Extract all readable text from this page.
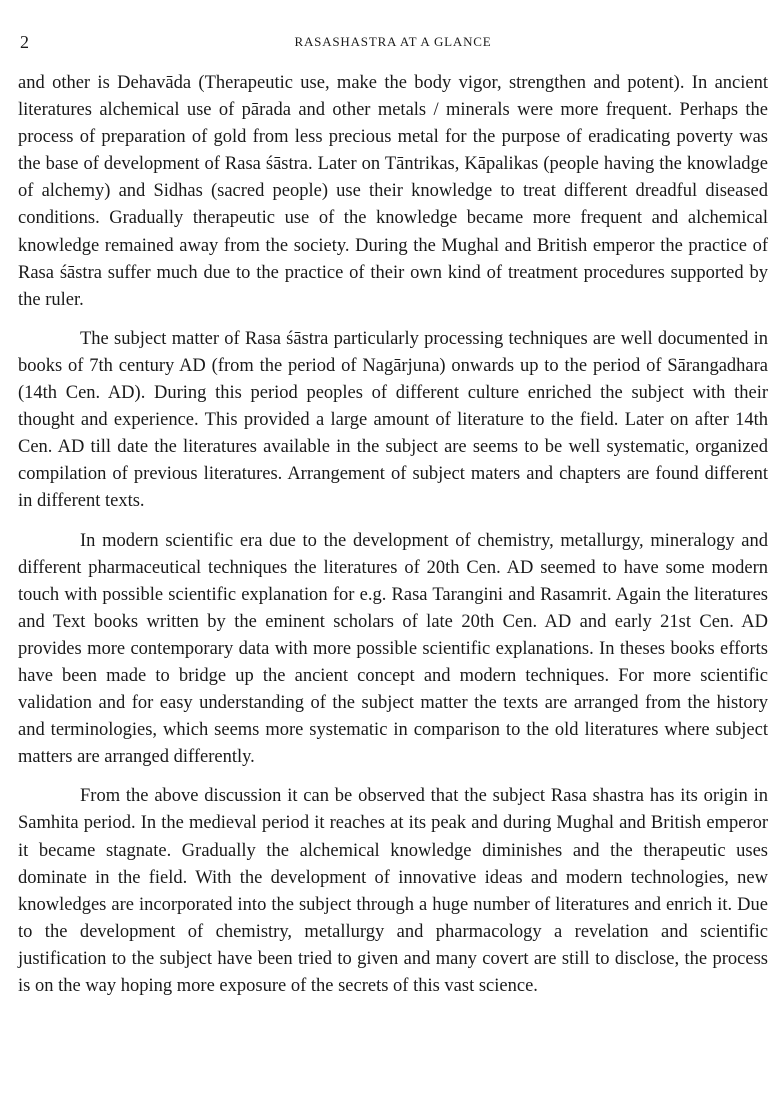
2	RASASHASTRA AT A GLANCE

and other is Dehavāda (Therapeutic use, make the body vigor, strengthen and potent). In ancient literatures alchemical use of pārada and other metals / minerals were more frequent. Perhaps the process of preparation of gold from less precious metal for the purpose of eradicating poverty was the base of development of Rasa śāstra. Later on Tāntrikas, Kāpalikas (people having the knowladge of alchemy) and Sidhas (sacred people) use their knowledge to treat different dreadful diseased conditions. Gradually therapeutic use of the knowledge became more frequent and alchemical knowledge remained away from the society. During the Mughal and British emperor the practice of Rasa śāstra suffer much due to the practice of their own kind of treatment procedures supported by the ruler.

The subject matter of Rasa śāstra particularly processing techniques are well documented in books of 7th century AD (from the period of Nagārjuna) onwards up to the period of Sārangadhara (14th Cen. AD). During this period peoples of different culture enriched the subject with their thought and experience. This provided a large amount of literature to the field. Later on after 14th Cen. AD till date the literatures available in the subject are seems to be well systematic, organized compilation of previous literatures. Arrangement of subject maters and chapters are found different in different texts.

In modern scientific era due to the development of chemistry, metallurgy, mineralogy and different pharmaceutical techniques the literatures of 20th Cen. AD seemed to have some modern touch with possible scientific explanation for e.g. Rasa Tarangini and Rasamrit. Again the literatures and Text books written by the eminent scholars of late 20th Cen. AD and early 21st Cen. AD provides more contemporary data with more possible scientific explanations. In theses books efforts have been made to bridge up the ancient concept and modern techniques. For more scientific validation and for easy understanding of the subject matter the texts are arranged from the history and terminologies, which seems more systematic in comparison to the old literatures where subject matters are arranged differently.

From the above discussion it can be observed that the subject Rasa shastra has its origin in Samhita period. In the medieval period it reaches at its peak and during Mughal and British emperor it became stagnate. Gradually the alchemical knowledge diminishes and the therapeutic uses dominate in the field. With the development of innovative ideas and modern technologies, new knowledges are incorporated into the subject through a huge number of literatures and enrich it. Due to the development of chemistry, metallurgy and pharmacology a revelation and scientific justification to the subject have been tried to given and many covert are still to disclose, the process is on the way hoping more exposure of the secrets of this vast science.
